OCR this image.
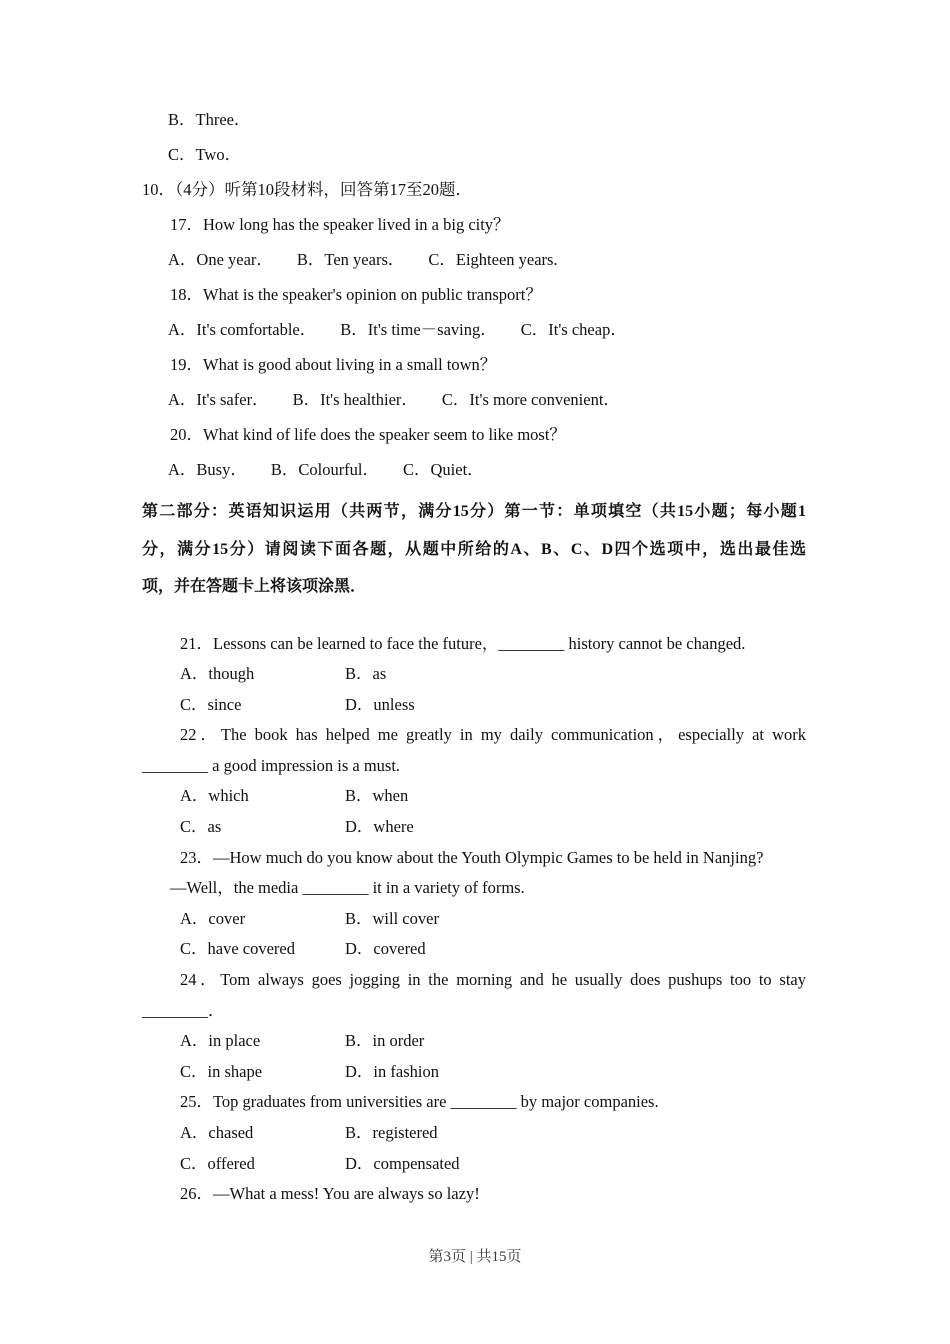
B．Three．
C．Two．
10．（4分）听第10段材料，回答第17至20题．
17．How long has the speaker lived in a big city？
A．One year． B．Ten years． C．Eighteen years.
18．What is the speaker's opinion on public transport？
A．It's comfortable． B．It's time－saving． C．It's cheap．
19．What is good about living in a small town？
A．It's safer． B．It's healthier． C．It's more convenient．
20．What kind of life does the speaker seem to like most？
A．Busy． B．Colourful． C．Quiet．
第二部分：英语知识运用（共两节，满分15分）第一节：单项填空（共15小题；每小题1
分，满分15分）请阅读下面各题，从题中所给的A、B、C、D四个选项中，选出最佳选
项，并在答题卡上将该项涂黑．
21．Lessons can be learned to face the future，________ history cannot be changed.
A．though	B．as
C．since	D．unless
22．The book has helped me greatly in my daily communication，especially at work
________ a good impression is a must.
A．which	B．when
C．as	D．where
23．—How much do you know about the Youth Olympic Games to be held in Nanjing?
—Well，the media ________ it in a variety of forms.
A．cover	B．will cover
C．have covered	D．covered
24．Tom always goes jogging in the morning and he usually does pushups too to stay
________．
A．in place	B．in order
C．in shape	D．in fashion
25．Top graduates from universities are ________ by major companies.
A．chased	B．registered
C．offered	D．compensated
26．—What a mess! You are always so lazy!
第3页 | 共15页
